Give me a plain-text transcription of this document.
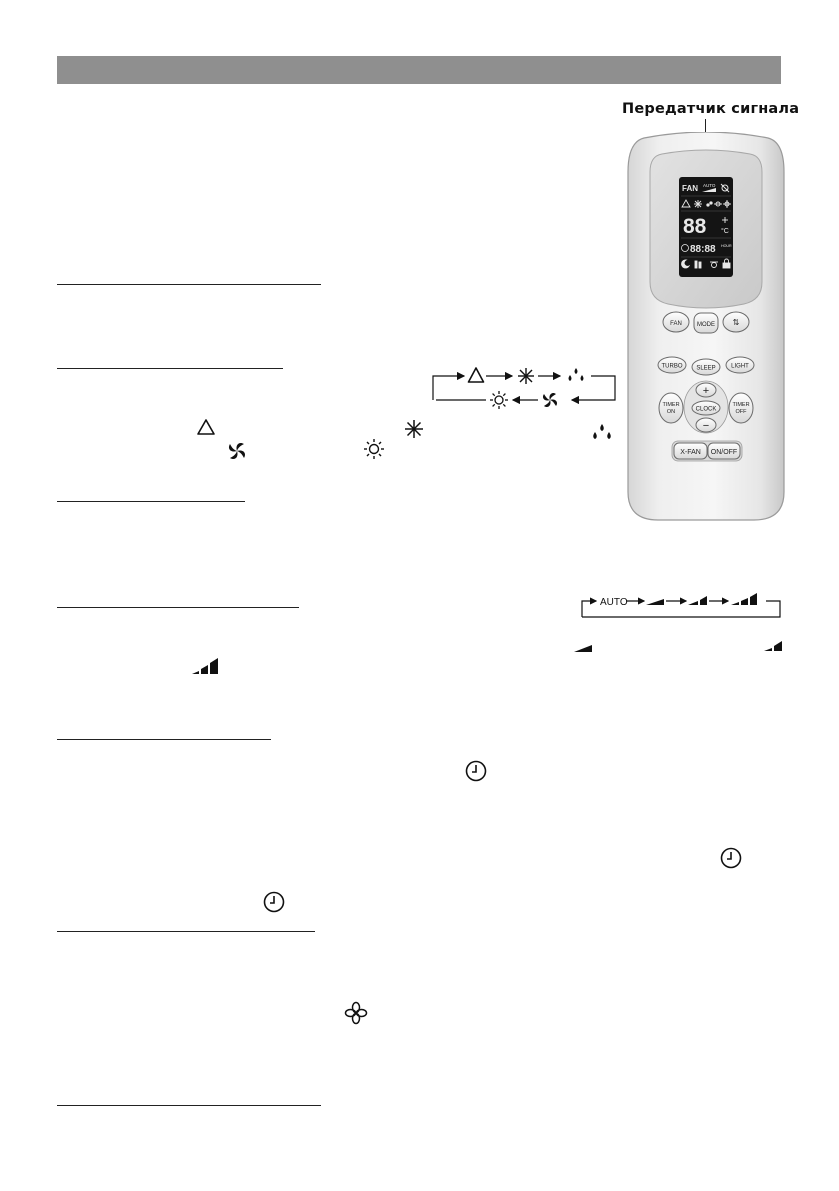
Передатчик сигнала
AUTO
FAN AUTO
88 °C
88:88 HOUR
FAN	MODE ⇅
TURBO SLEEP	LIGHT
+
CLOCK
−
TIMER
ON
TIMER
OFF
X-FAN ON/OFF
